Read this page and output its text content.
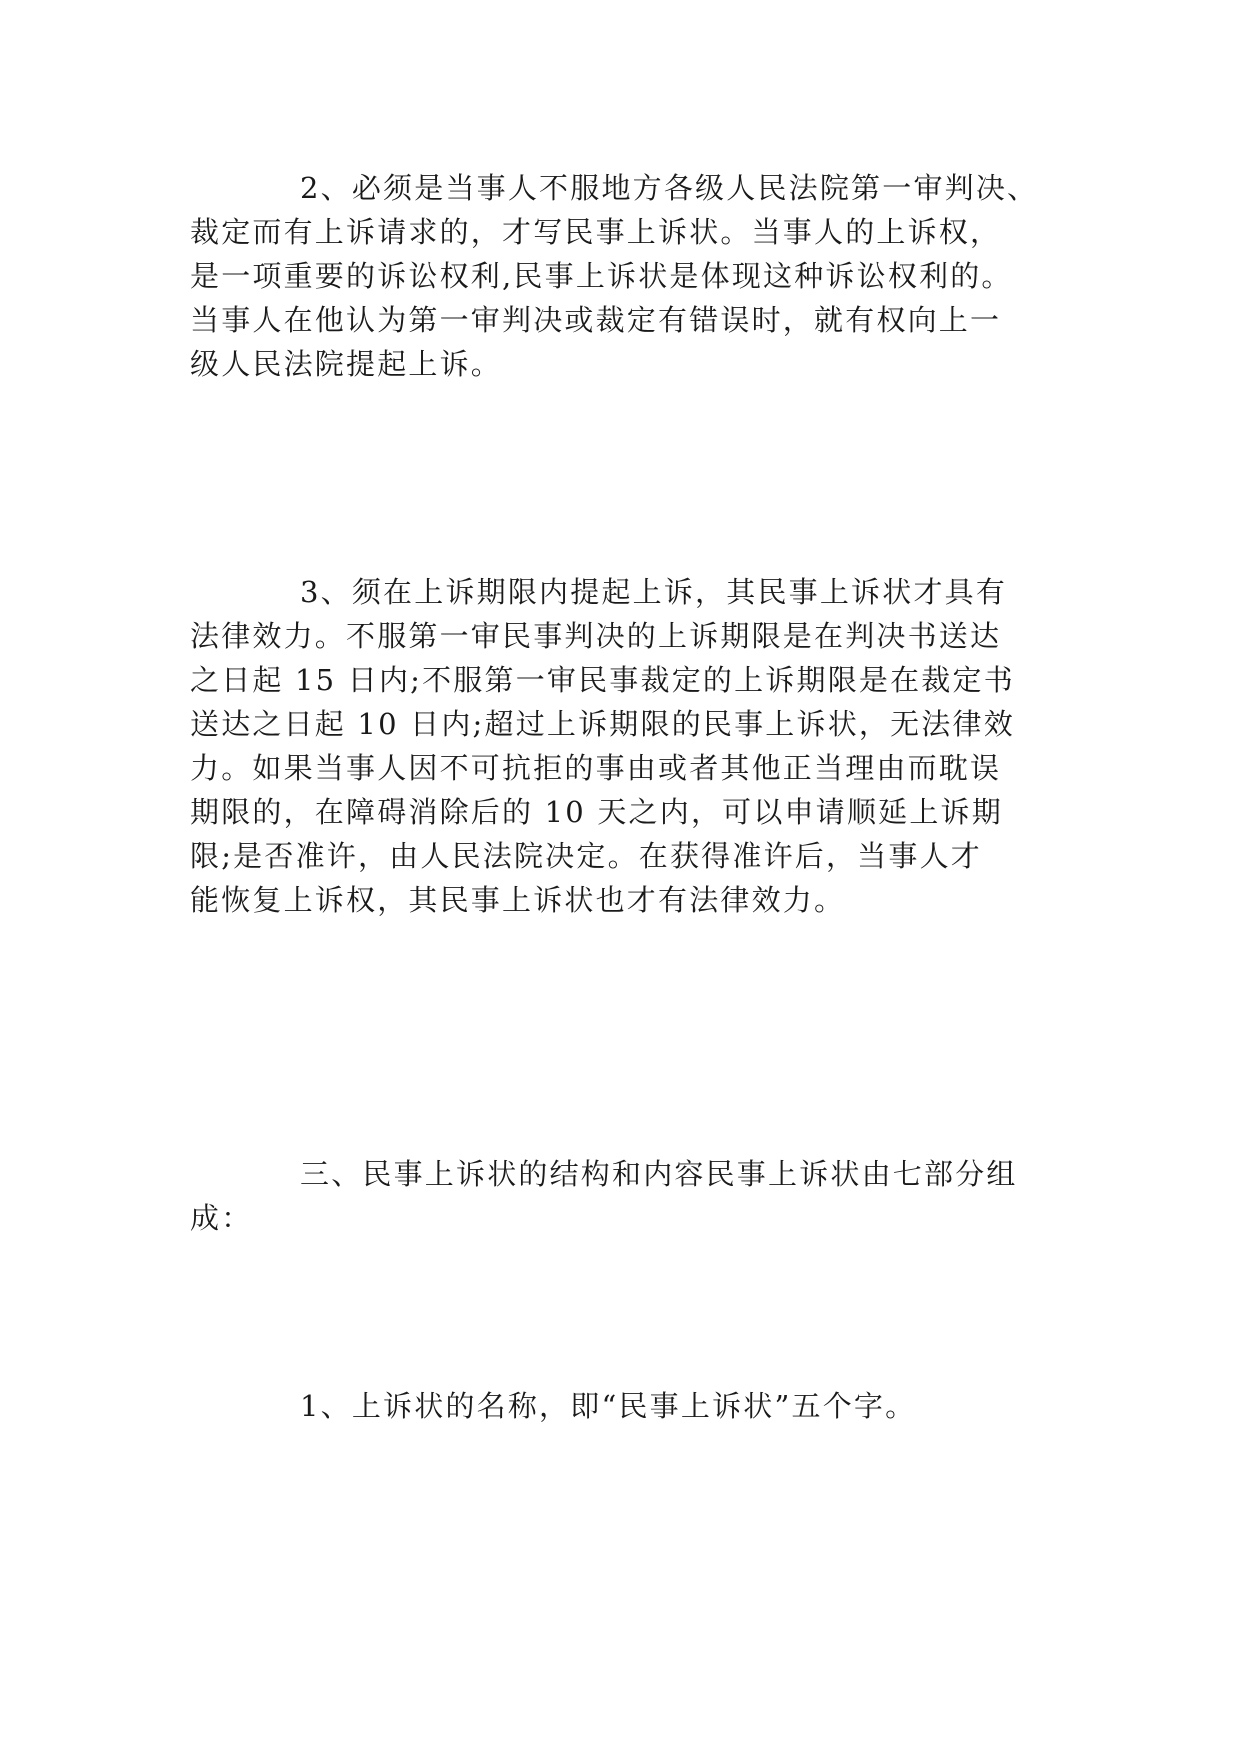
2、必须是当事人不服地方各级人民法院第一审判决、
裁定而有上诉请求的，才写民事上诉状。当事人的上诉权，
是一项重要的诉讼权利,民事上诉状是体现这种诉讼权利的。
当事人在他认为第一审判决或裁定有错误时，就有权向上一
级人民法院提起上诉。
3、须在上诉期限内提起上诉，其民事上诉状才具有
法律效力。不服第一审民事判决的上诉期限是在判决书送达
之日起 15 日内;不服第一审民事裁定的上诉期限是在裁定书
送达之日起 10 日内;超过上诉期限的民事上诉状，无法律效
力。如果当事人因不可抗拒的事由或者其他正当理由而耽误
期限的，在障碍消除后的 10 天之内，可以申请顺延上诉期
限;是否准许，由人民法院决定。在获得准许后，当事人才
能恢复上诉权，其民事上诉状也才有法律效力。
三、民事上诉状的结构和内容民事上诉状由七部分组
成：
1、上诉状的名称，即“民事上诉状”五个字。
